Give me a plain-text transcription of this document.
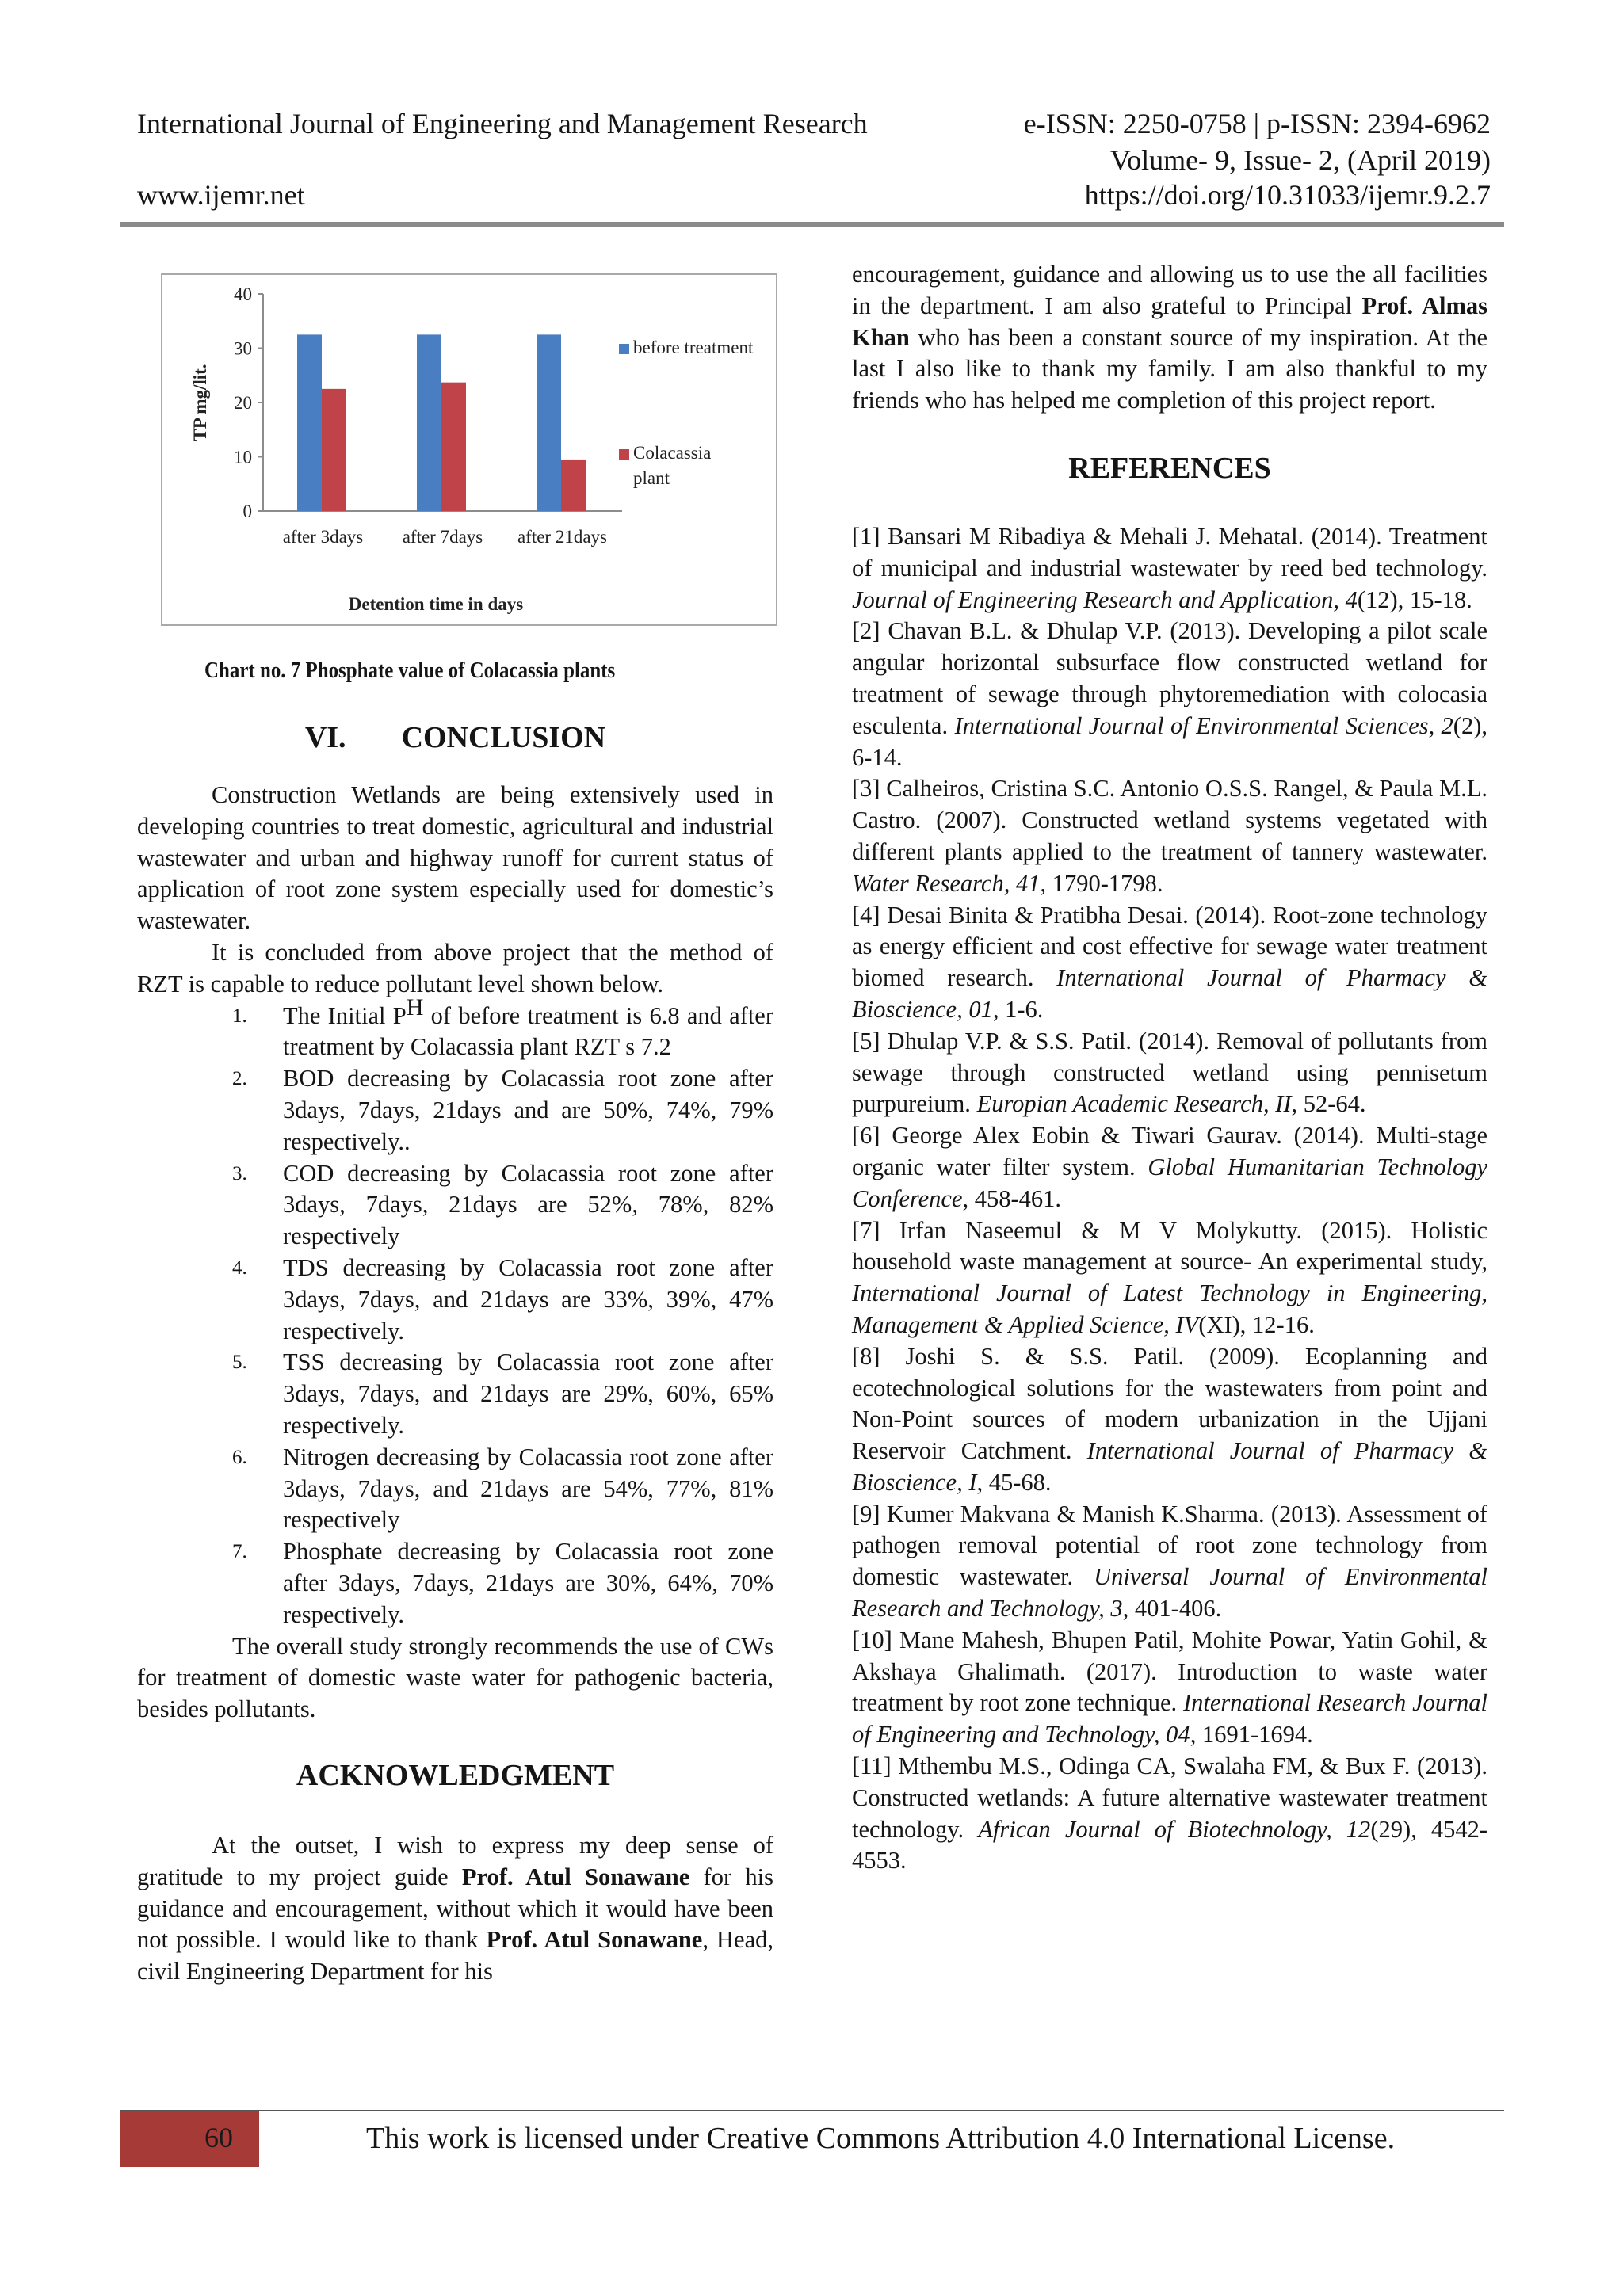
International Journal of Engineering and Management Research	e-ISSN: 2250-0758 | p-ISSN: 2394-6962
Volume- 9, Issue- 2, (April 2019)
www.ijemr.net	https://doi.org/10.31033/ijemr.9.2.7
0
10
20
30
40
after 3days after 7days after 21days
before treatment
Colacassia
plant
Detention time in days
TP mg/lit.
Chart no. 7 Phosphate value of Colacassia plants
VI. CONCLUSION

Construction Wetlands are being extensively used in developing countries to treat domestic, agricultural and industrial wastewater and urban and highway runoff for current status of application of root zone system especially used for domestic’s wastewater.

It is concluded from above project that the method of RZT is capable to reduce pollutant level shown below.

1. The Initial $P^H$ of before treatment is 6.8 and after treatment by Colacassia plant RZT s 7.2
2. BOD decreasing by Colacassia root zone after 3days, 7days, 21days and are 50%, 74%, 79% respectively..
3. COD decreasing by Colacassia root zone after 3days, 7days, 21days are 52%, 78%, 82% respectively
4. TDS decreasing by Colacassia root zone after 3days, 7days, and 21days are 33%, 39%, 47% respectively.
5. TSS decreasing by Colacassia root zone after 3days, 7days, and 21days are 29%, 60%, 65% respectively.
6. Nitrogen decreasing by Colacassia root zone after 3days, 7days, and 21days are 54%, 77%, 81% respectively
7. Phosphate decreasing by Colacassia root zone after 3days, 7days, 21days are 30%, 64%, 70% respectively.

The overall study strongly recommends the use of CWs for treatment of domestic waste water for pathogenic bacteria, besides pollutants.

ACKNOWLEDGMENT

At the outset, I wish to express my deep sense of gratitude to my project guide Prof. Atul Sonawane for his guidance and encouragement, without which it would have been not possible. I would like to thank Prof. Atul Sonawane, Head, civil Engineering Department for his

encouragement, guidance and allowing us to use the all facilities in the department. I am also grateful to Principal Prof. Almas Khan who has been a constant source of my inspiration. At the last I also like to thank my family. I am also thankful to my friends who has helped me completion of this project report.

REFERENCES

[1] Bansari M Ribadiya & Mehali J. Mehatal. (2014). Treatment of municipal and industrial wastewater by reed bed technology. Journal of Engineering Research and Application, 4(12), 15-18.

[2] Chavan B.L. & Dhulap V.P. (2013). Developing a pilot scale angular horizontal subsurface flow constructed wetland for treatment of sewage through phytoremediation with colocasia esculenta. International Journal of Environmental Sciences, 2(2), 6-14.

[3] Calheiros, Cristina S.C. Antonio O.S.S. Rangel, & Paula M.L. Castro. (2007). Constructed wetland systems vegetated with different plants applied to the treatment of tannery wastewater. Water Research, 41, 1790-1798.

[4] Desai Binita & Pratibha Desai. (2014). Root-zone technology as energy efficient and cost effective for sewage water treatment biomed research. International Journal of Pharmacy & Bioscience, 01, 1-6.

[5] Dhulap V.P. & S.S. Patil. (2014). Removal of pollutants from sewage through constructed wetland using pennisetum purpureium. Europian Academic Research, II, 52-64.

[6] George Alex Eobin & Tiwari Gaurav. (2014). Multi-stage organic water filter system. Global Humanitarian Technology Conference, 458-461.

[7] Irfan Naseemul & M V Molykutty. (2015). Holistic household waste management at source- An experimental study, International Journal of Latest Technology in Engineering, Management & Applied Science, IV(XI), 12-16.

[8] Joshi S. & S.S. Patil. (2009). Ecoplanning and ecotechnological solutions for the wastewaters from point and Non-Point sources of modern urbanization in the Ujjani Reservoir Catchment. International Journal of Pharmacy & Bioscience, I, 45-68.

[9] Kumer Makvana & Manish K.Sharma. (2013). Assessment of pathogen removal potential of root zone technology from domestic wastewater. Universal Journal of Environmental Research and Technology, 3, 401-406.

[10] Mane Mahesh, Bhupen Patil, Mohite Powar, Yatin Gohil, & Akshaya Ghalimath. (2017). Introduction to waste water treatment by root zone technique. International Research Journal of Engineering and Technology, 04, 1691-1694.

[11] Mthembu M.S., Odinga CA, Swalaha FM, & Bux F. (2013). Constructed wetlands: A future alternative wastewater treatment technology. African Journal of Biotechnology, 12(29), 4542-4553.

60	This work is licensed under Creative Commons Attribution 4.0 International License.
